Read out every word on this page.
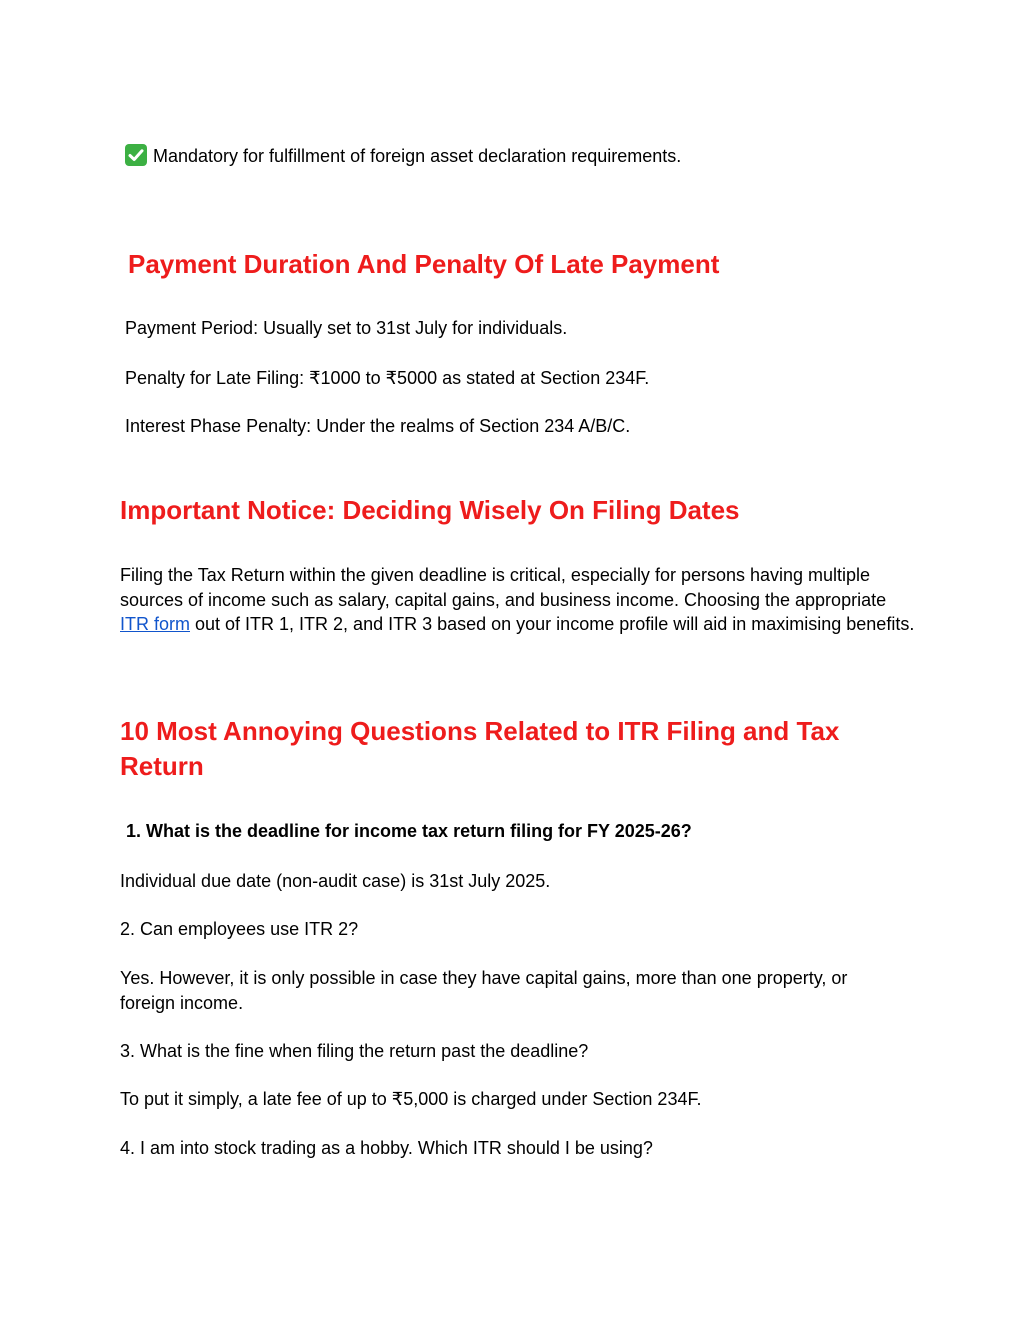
Mandatory for fulfillment of foreign asset declaration requirements.

Payment Duration And Penalty Of Late Payment

Payment Period: Usually set to 31st July for individuals.

Penalty for Late Filing: ₹1000 to ₹5000 as stated at Section 234F.

Interest Phase Penalty: Under the realms of Section 234 A/B/C.

Important Notice: Deciding Wisely On Filing Dates

Filing the Tax Return within the given deadline is critical, especially for persons having multiple sources of income such as salary, capital gains, and business income. Choosing the appropriate ITR form out of ITR 1, ITR 2, and ITR 3 based on your income profile will aid in maximising benefits.

10 Most Annoying Questions Related to ITR Filing and Tax
Return

1. What is the deadline for income tax return filing for FY 2025-26?

Individual due date (non-audit case) is 31st July 2025.

2. Can employees use ITR 2?

Yes. However, it is only possible in case they have capital gains, more than one property, or foreign income.

3. What is the fine when filing the return past the deadline?

To put it simply, a late fee of up to ₹5,000 is charged under Section 234F.

4. I am into stock trading as a hobby. Which ITR should I be using?
